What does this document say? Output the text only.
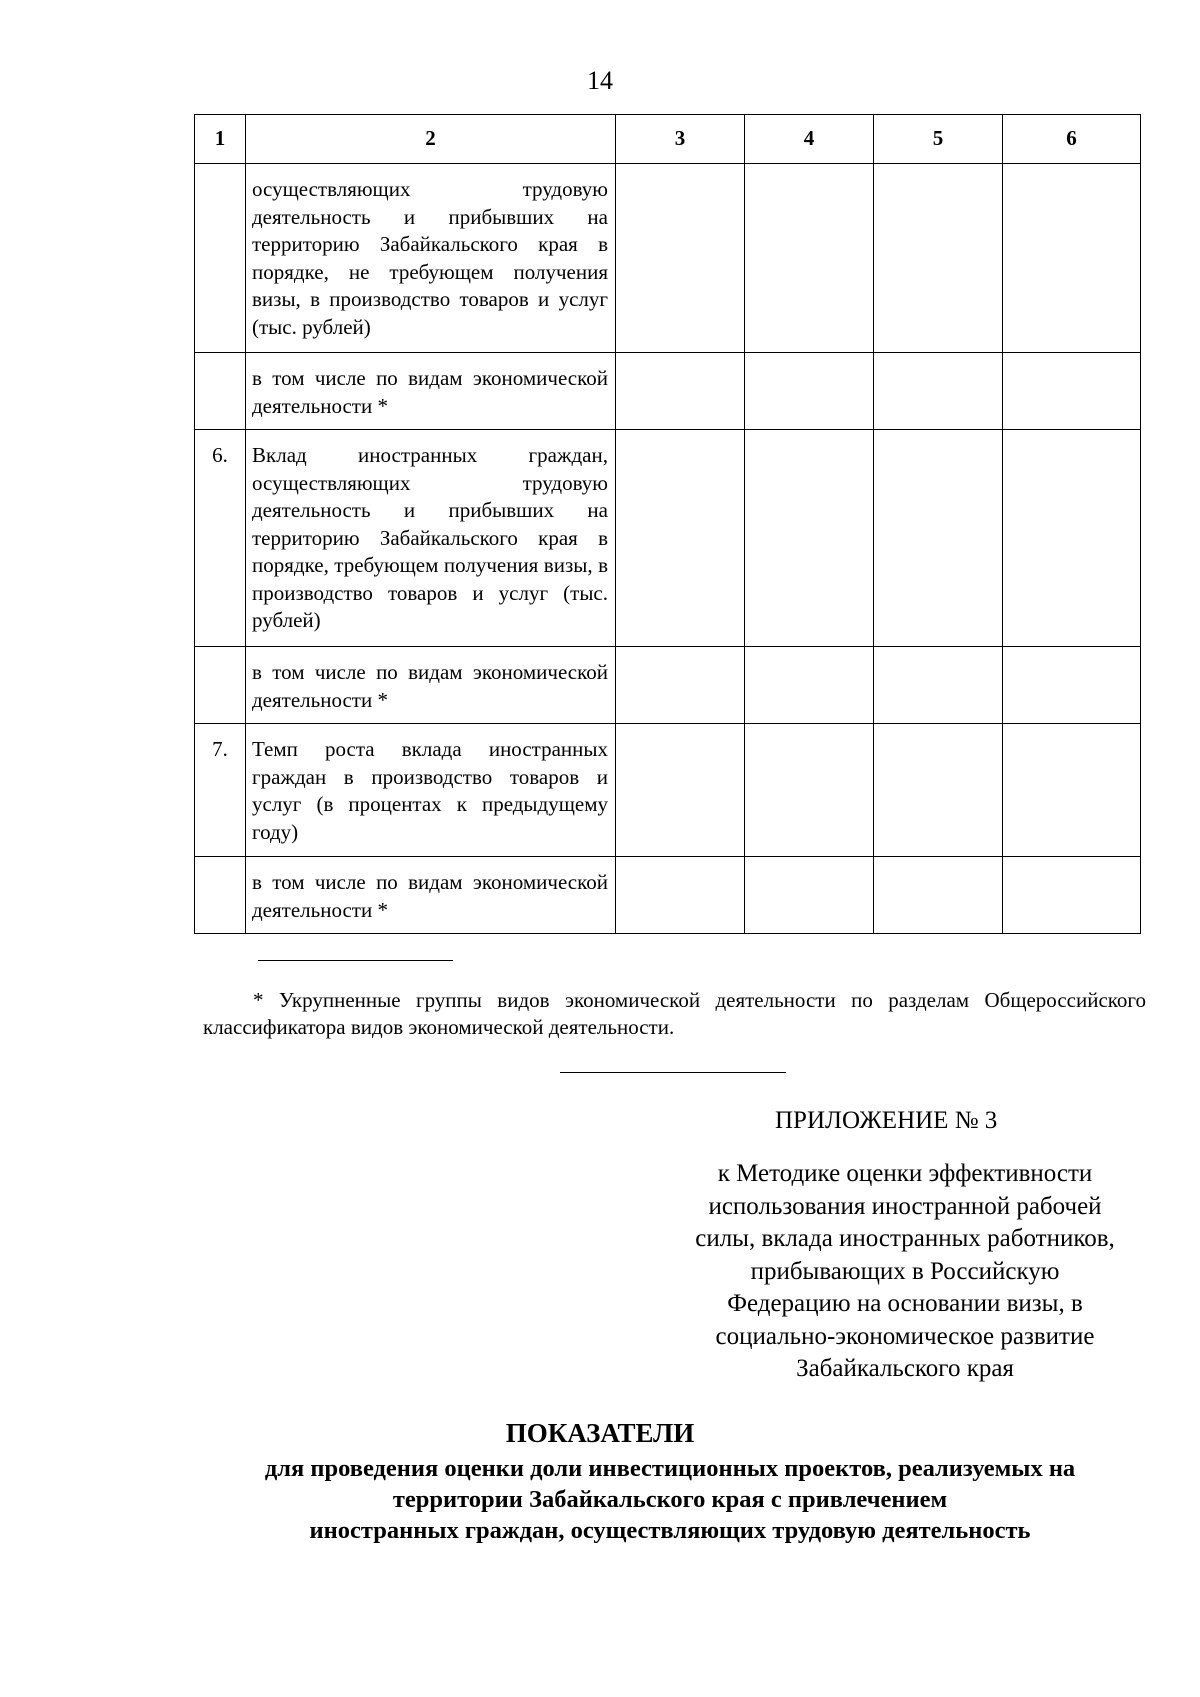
14
1	2	3	4	5	6
	осуществляющих трудовую деятельность и прибывших на территорию Забайкальского края в порядке, не требующем получения визы, в производство товаров и услуг (тыс. рублей)				
	в том числе по видам экономической деятельности *				
6.	Вклад иностранных граждан, осуществляющих трудовую деятельность и прибывших на территорию Забайкальского края в порядке, требующем получения визы, в производство товаров и услуг (тыс. рублей)				
	в том числе по видам экономической деятельности *				
7.	Темп роста вклада иностранных граждан в производство товаров и услуг (в процентах к предыдущему году)				
	в том числе по видам экономической деятельности *				
* Укрупненные группы видов экономической деятельности по разделам Общероссийского классификатора видов экономической деятельности.
ПРИЛОЖЕНИЕ № 3
к Методике оценки эффективности
использования иностранной рабочей
силы, вклада иностранных работников,
прибывающих в Российскую
Федерацию на основании визы, в
социально-экономическое развитие
Забайкальского края
ПОКАЗАТЕЛИ
для проведения оценки доли инвестиционных проектов, реализуемых на
территории Забайкальского края с привлечением
иностранных граждан, осуществляющих трудовую деятельность
